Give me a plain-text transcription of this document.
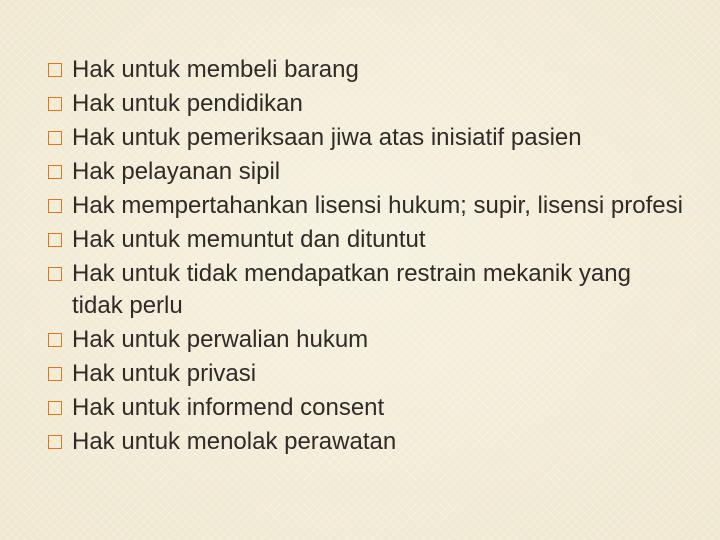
Hak untuk membeli barang
Hak untuk pendidikan
Hak untuk pemeriksaan jiwa atas inisiatif pasien
Hak pelayanan sipil
Hak mempertahankan lisensi hukum; supir, lisensi profesi
Hak untuk memuntut dan dituntut
Hak untuk tidak mendapatkan restrain mekanik yang tidak perlu
Hak untuk perwalian hukum
Hak untuk privasi
Hak untuk informend consent
Hak untuk menolak perawatan
